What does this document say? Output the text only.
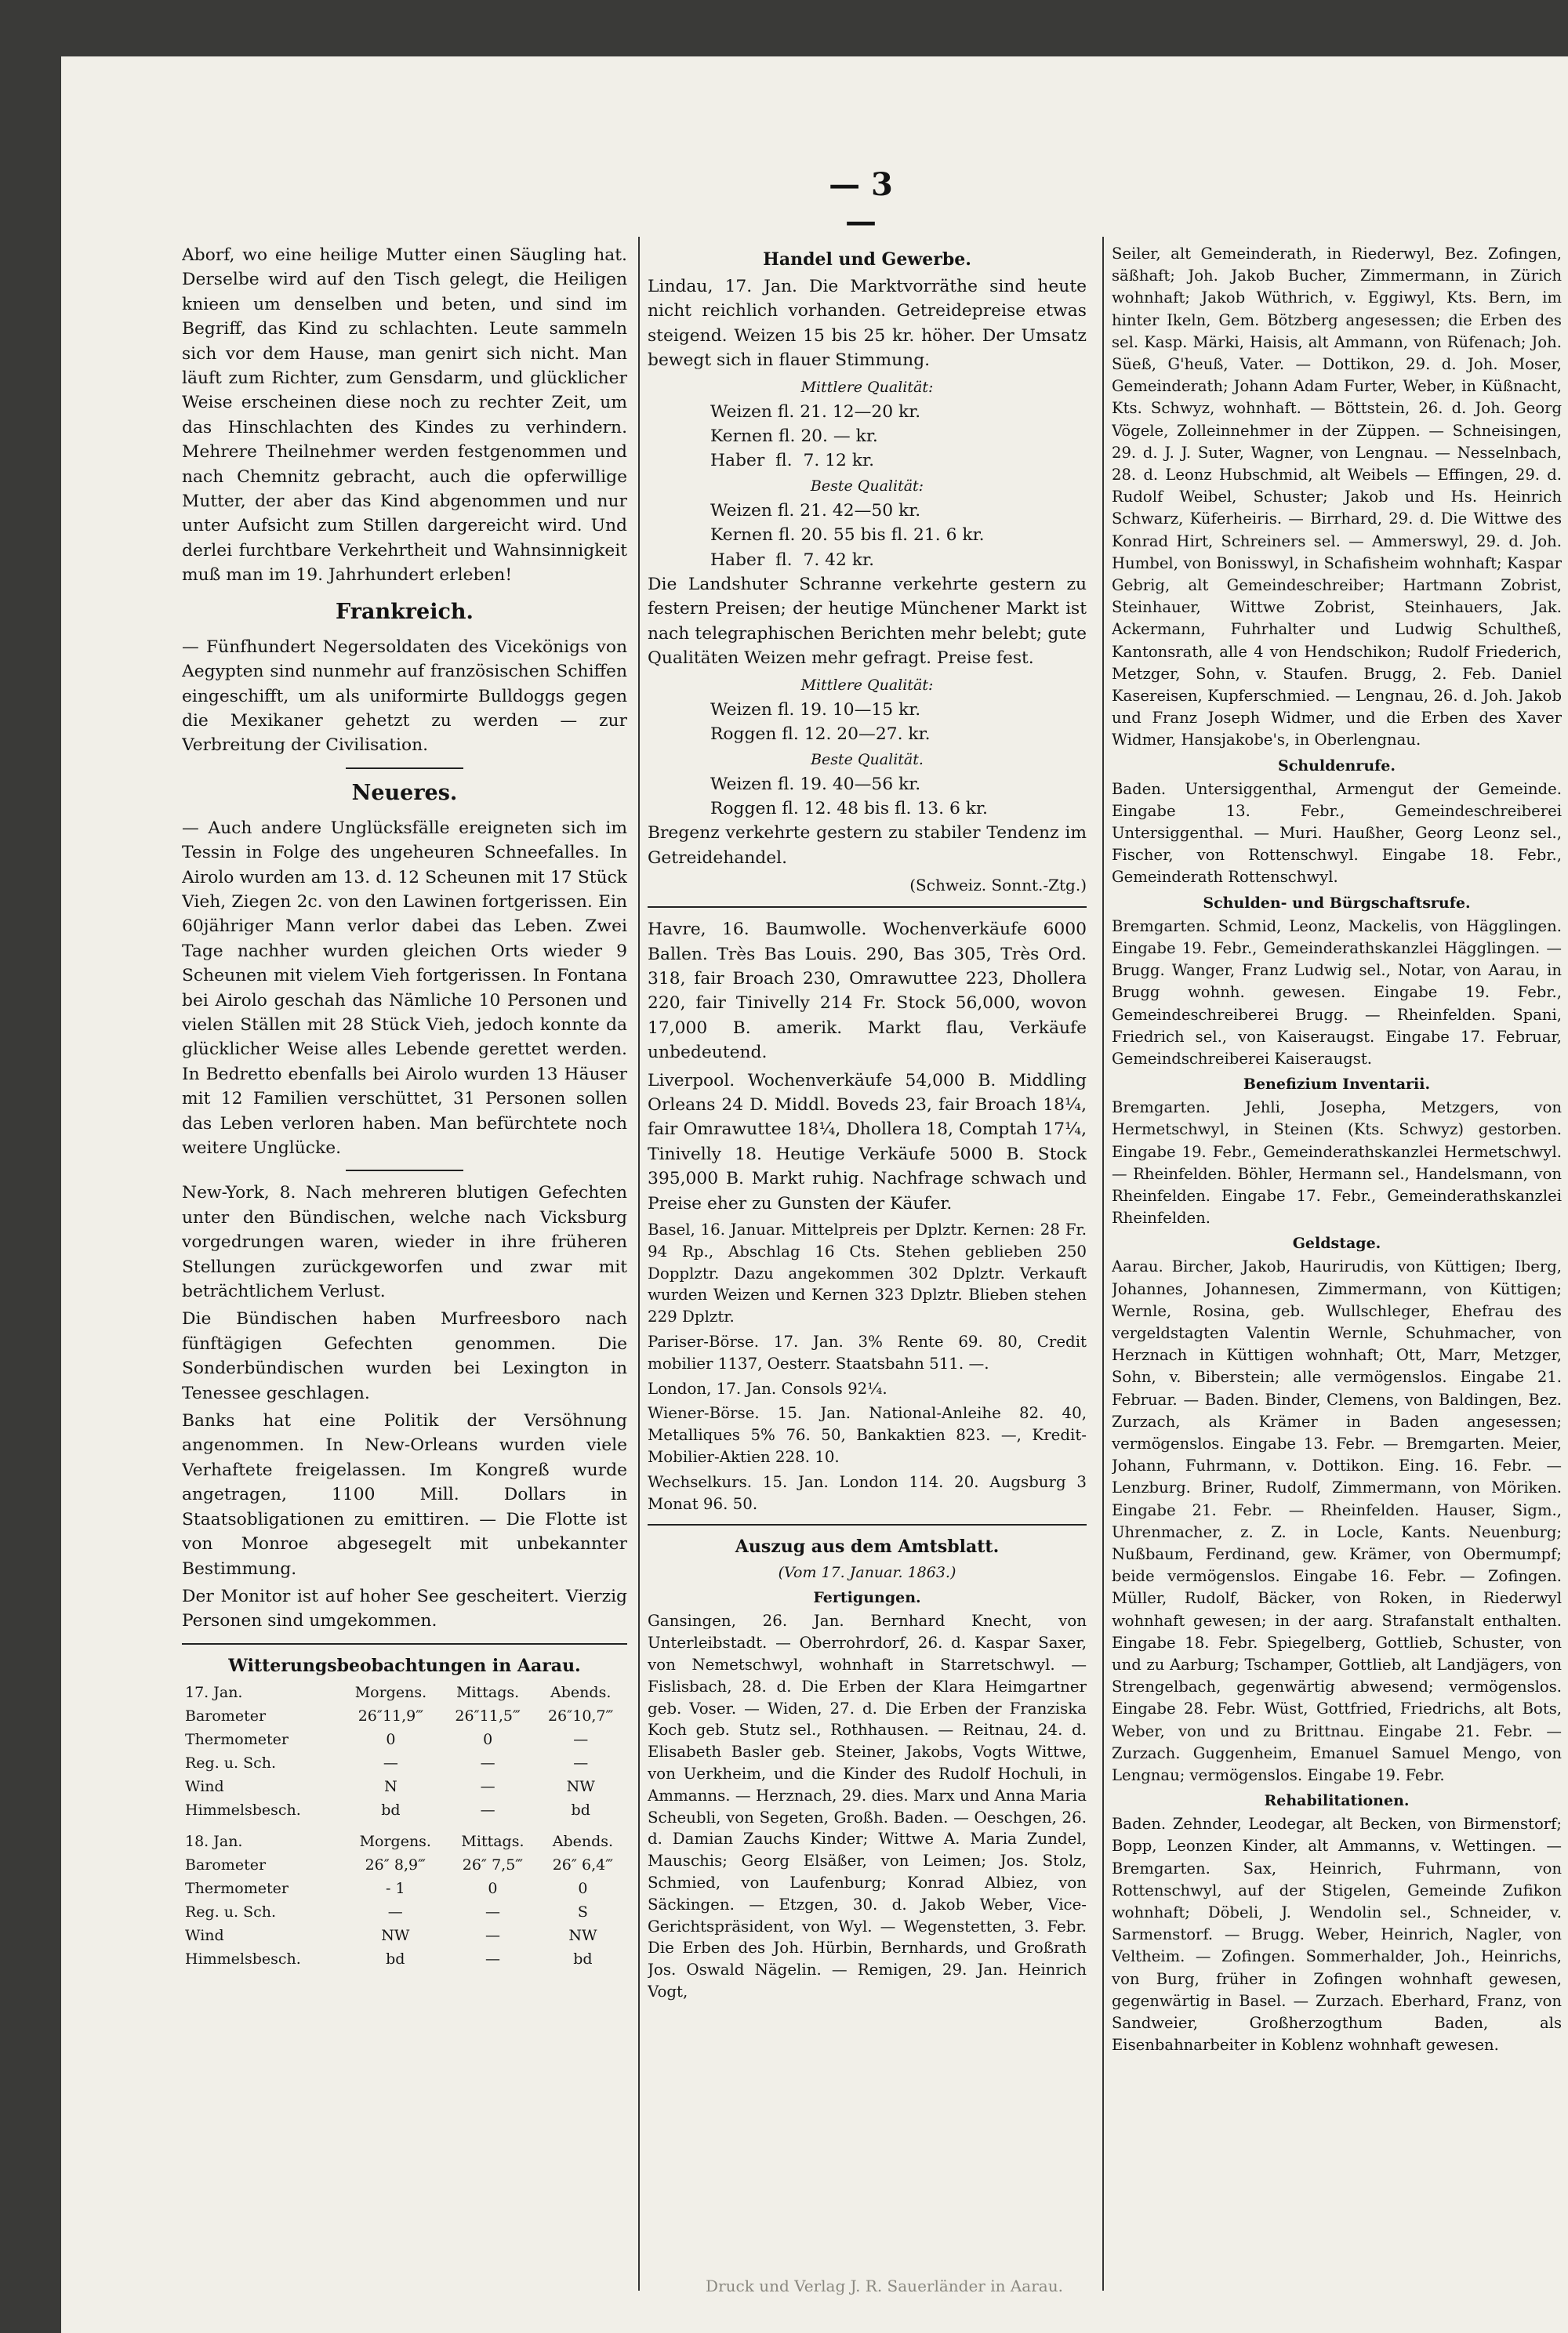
— 3 —

Aborf, wo eine heilige Mutter einen Säugling hat. Derselbe wird auf den Tisch gelegt, die Heiligen knieen um denselben und beten, und sind im Begriff, das Kind zu schlachten. Leute sammeln sich vor dem Hause, man genirt sich nicht. Man läuft zum Richter, zum Gensdarm, und glücklicher Weise erscheinen diese noch zu rechter Zeit, um das Hinschlachten des Kindes zu verhindern. Mehrere Theilnehmer werden festgenommen und nach Chemnitz gebracht, auch die opferwillige Mutter, der aber das Kind abgenommen und nur unter Aufsicht zum Stillen dargereicht wird. Und derlei furchtbare Verkehrtheit und Wahnsinnigkeit muß man im 19. Jahrhundert erleben!

Frankreich.

— Fünfhundert Negersoldaten des Vicekönigs von Aegypten sind nunmehr auf französischen Schiffen eingeschifft, um als uniformirte Bulldoggs gegen die Mexikaner gehetzt zu werden — zur Verbreitung der Civilisation.

Neueres.

— Auch andere Unglücksfälle ereigneten sich im Tessin in Folge des ungeheuren Schneefalles. In Airolo wurden am 13. d. 12 Scheunen mit 17 Stück Vieh, Ziegen 2c. von den Lawinen fortgerissen. Ein 60jähriger Mann verlor dabei das Leben. Zwei Tage nachher wurden gleichen Orts wieder 9 Scheunen mit vielem Vieh fortgerissen. In Fontana bei Airolo geschah das Nämliche 10 Personen und vielen Ställen mit 28 Stück Vieh, jedoch konnte da glücklicher Weise alles Lebende gerettet werden. In Bedretto ebenfalls bei Airolo wurden 13 Häuser mit 12 Familien verschüttet, 31 Personen sollen das Leben verloren haben. Man befürchtete noch weitere Unglücke.

New-York, 8. Nach mehreren blutigen Gefechten unter den Bündischen, welche nach Vicksburg vorgedrungen waren, wieder in ihre früheren Stellungen zurückgeworfen und zwar mit beträchtlichem Verlust.

Die Bündischen haben Murfreesboro nach fünftägigen Gefechten genommen. Die Sonderbündischen wurden bei Lexington in Tenessee geschlagen.

Banks hat eine Politik der Versöhnung angenommen. In New-Orleans wurden viele Verhaftete freigelassen. Im Kongreß wurde angetragen, 1100 Mill. Dollars in Staatsobligationen zu emittiren. — Die Flotte ist von Monroe abgesegelt mit unbekannter Bestimmung.

Der Monitor ist auf hoher See gescheitert. Vierzig Personen sind umgekommen.

Witterungsbeobachtungen in Aarau.
17. Jan.	Morgens.	Mittags.	Abends.
Barometer	26″11,9‴	26″11,5‴	26″10,7‴
Thermometer	0	0	—
Reg. u. Sch.	—	—	—
Wind	N	—	NW
Himmelsbesch.	bd	—	bd
18. Jan.	Morgens.	Mittags.	Abends.
Barometer	26″ 8,9‴	26″ 7,5‴	26″ 6,4‴
Thermometer	- 1	0	0
Reg. u. Sch.	—	—	S
Wind	NW	—	NW
Himmelsbesch.	bd	—	bd
Handel und Gewerbe.

Lindau, 17. Jan. Die Marktvorräthe sind heute nicht reichlich vorhanden. Getreidepreise etwas steigend. Weizen 15 bis 25 kr. höher. Der Umsatz bewegt sich in flauer Stimmung.

Mittlere Qualität:
Weizen fl. 21. 12—20 kr.
Kernen fl. 20. — kr.
Haber  fl.  7. 12 kr.
Beste Qualität:
Weizen fl. 21. 42—50 kr.
Kernen fl. 20. 55 bis fl. 21. 6 kr.
Haber  fl.  7. 42 kr.

Die Landshuter Schranne verkehrte gestern zu festern Preisen; der heutige Münchener Markt ist nach telegraphischen Berichten mehr belebt; gute Qualitäten Weizen mehr gefragt. Preise fest.

Mittlere Qualität:
Weizen fl. 19. 10—15 kr.
Roggen fl. 12. 20—27. kr.
Beste Qualität.
Weizen fl. 19. 40—56 kr.
Roggen fl. 12. 48 bis fl. 13. 6 kr.

Bregenz verkehrte gestern zu stabiler Tendenz im Getreidehandel.

(Schweiz. Sonnt.-Ztg.)

Havre, 16. Baumwolle. Wochenverkäufe 6000 Ballen. Très Bas Louis. 290, Bas 305, Très Ord. 318, fair Broach 230, Omrawuttee 223, Dhollera 220, fair Tinivelly 214 Fr. Stock 56,000, wovon 17,000 B. amerik. Markt flau, Verkäufe unbedeutend.

Liverpool. Wochenverkäufe 54,000 B. Middling Orleans 24 D. Middl. Boveds 23, fair Broach 18¼, fair Omrawuttee 18¼, Dhollera 18, Comptah 17¼, Tinivelly 18. Heutige Verkäufe 5000 B. Stock 395,000 B. Markt ruhig. Nachfrage schwach und Preise eher zu Gunsten der Käufer.

Basel, 16. Januar. Mittelpreis per Dplztr. Kernen: 28 Fr. 94 Rp., Abschlag 16 Cts. Stehen geblieben 250 Dopplztr. Dazu angekommen 302 Dplztr. Verkauft wurden Weizen und Kernen 323 Dplztr. Blieben stehen 229 Dplztr.
Pariser-Börse. 17. Jan. 3% Rente 69. 80, Credit mobilier 1137, Oesterr. Staatsbahn 511. —.
London, 17. Jan. Consols 92¼.
Wiener-Börse. 15. Jan. National-Anleihe 82. 40, Metalliques 5% 76. 50, Bankaktien 823. —, Kredit-Mobilier-Aktien 228. 10.
Wechselkurs. 15. Jan. London 114. 20. Augsburg 3 Monat 96. 50.
Auszug aus dem Amtsblatt.
(Vom 17. Januar. 1863.)
Fertigungen.
Gansingen, 26. Jan. Bernhard Knecht, von Unterleibstadt. — Oberrohrdorf, 26. d. Kaspar Saxer, von Nemetschwyl, wohnhaft in Starretschwyl. — Fislisbach, 28. d. Die Erben der Klara Heimgartner geb. Voser. — Widen, 27. d. Die Erben der Franziska Koch geb. Stutz sel., Rothhausen. — Reitnau, 24. d. Elisabeth Basler geb. Steiner, Jakobs, Vogts Wittwe, von Uerkheim, und die Kinder des Rudolf Hochuli, in Ammanns. — Herznach, 29. dies. Marx und Anna Maria Scheubli, von Segeten, Großh. Baden. — Oeschgen, 26. d. Damian Zauchs Kinder; Wittwe A. Maria Zundel, Mauschis; Georg Elsäßer, von Leimen; Jos. Stolz, Schmied, von Laufenburg; Konrad Albiez, von Säckingen. — Etzgen, 30. d. Jakob Weber, Vice-Gerichtspräsident, von Wyl. — Wegenstetten, 3. Febr. Die Erben des Joh. Hürbin, Bernhards, und Großrath Jos. Oswald Nägelin. — Remigen, 29. Jan. Heinrich Vogt,

Seiler, alt Gemeinderath, in Riederwyl, Bez. Zofingen, säßhaft; Joh. Jakob Bucher, Zimmermann, in Zürich wohnhaft; Jakob Wüthrich, v. Eggiwyl, Kts. Bern, im hinter Ikeln, Gem. Bötzberg angesessen; die Erben des sel. Kasp. Märki, Haisis, alt Ammann, von Rüfenach; Joh. Süeß, G'heuß, Vater. — Dottikon, 29. d. Joh. Moser, Gemeinderath; Johann Adam Furter, Weber, in Küßnacht, Kts. Schwyz, wohnhaft. — Böttstein, 26. d. Joh. Georg Vögele, Zolleinnehmer in der Züppen. — Schneisingen, 29. d. J. J. Suter, Wagner, von Lengnau. — Nesselnbach, 28. d. Leonz Hubschmid, alt Weibels — Effingen, 29. d. Rudolf Weibel, Schuster; Jakob und Hs. Heinrich Schwarz, Küferheiris. — Birrhard, 29. d. Die Wittwe des Konrad Hirt, Schreiners sel. — Ammerswyl, 29. d. Joh. Humbel, von Bonisswyl, in Schafisheim wohnhaft; Kaspar Gebrig, alt Gemeindeschreiber; Hartmann Zobrist, Steinhauer, Wittwe Zobrist, Steinhauers, Jak. Ackermann, Fuhrhalter und Ludwig Schultheß, Kantonsrath, alle 4 von Hendschikon; Rudolf Friederich, Metzger, Sohn, v. Staufen. Brugg, 2. Feb. Daniel Kasereisen, Kupferschmied. — Lengnau, 26. d. Joh. Jakob und Franz Joseph Widmer, und die Erben des Xaver Widmer, Hansjakobe's, in Oberlengnau.

Schuldenrufe.

Baden. Untersiggenthal, Armengut der Gemeinde. Eingabe 13. Febr., Gemeindeschreiberei Untersiggenthal. — Muri. Haußher, Georg Leonz sel., Fischer, von Rottenschwyl. Eingabe 18. Febr., Gemeinderath Rottenschwyl.

Schulden- und Bürgschaftsrufe.

Bremgarten. Schmid, Leonz, Mackelis, von Hägglingen. Eingabe 19. Febr., Gemeinderathskanzlei Hägglingen. — Brugg. Wanger, Franz Ludwig sel., Notar, von Aarau, in Brugg wohnh. gewesen. Eingabe 19. Febr., Gemeindeschreiberei Brugg. — Rheinfelden. Spani, Friedrich sel., von Kaiseraugst. Eingabe 17. Februar, Gemeindschreiberei Kaiseraugst.

Benefizium Inventarii.

Bremgarten. Jehli, Josepha, Metzgers, von Hermetschwyl, in Steinen (Kts. Schwyz) gestorben. Eingabe 19. Febr., Gemeinderathskanzlei Hermetschwyl. — Rheinfelden. Böhler, Hermann sel., Handelsmann, von Rheinfelden. Eingabe 17. Febr., Gemeinderathskanzlei Rheinfelden.

Geldstage.

Aarau. Bircher, Jakob, Haurirudis, von Küttigen; Iberg, Johannes, Johannesen, Zimmermann, von Küttigen; Wernle, Rosina, geb. Wullschleger, Ehefrau des vergeldstagten Valentin Wernle, Schuhmacher, von Herznach in Küttigen wohnhaft; Ott, Marr, Metzger, Sohn, v. Biberstein; alle vermögenslos. Eingabe 21. Februar. — Baden. Binder, Clemens, von Baldingen, Bez. Zurzach, als Krämer in Baden angesessen; vermögenslos. Eingabe 13. Febr. — Bremgarten. Meier, Johann, Fuhrmann, v. Dottikon. Eing. 16. Febr. — Lenzburg. Briner, Rudolf, Zimmermann, von Möriken. Eingabe 21. Febr. — Rheinfelden. Hauser, Sigm., Uhrenmacher, z. Z. in Locle, Kants. Neuenburg; Nußbaum, Ferdinand, gew. Krämer, von Obermumpf; beide vermögenslos. Eingabe 16. Febr. — Zofingen. Müller, Rudolf, Bäcker, von Roken, in Riederwyl wohnhaft gewesen; in der aarg. Strafanstalt enthalten. Eingabe 18. Febr. Spiegelberg, Gottlieb, Schuster, von und zu Aarburg; Tschamper, Gottlieb, alt Landjägers, von Strengelbach, gegenwärtig abwesend; vermögenslos. Eingabe 28. Febr. Wüst, Gottfried, Friedrichs, alt Bots, Weber, von und zu Brittnau. Eingabe 21. Febr. — Zurzach. Guggenheim, Emanuel Samuel Mengo, von Lengnau; vermögenslos. Eingabe 19. Febr.

Rehabilitationen.

Baden. Zehnder, Leodegar, alt Becken, von Birmenstorf; Bopp, Leonzen Kinder, alt Ammanns, v. Wettingen. — Bremgarten. Sax, Heinrich, Fuhrmann, von Rottenschwyl, auf der Stigelen, Gemeinde Zufikon wohnhaft; Döbeli, J. Wendolin sel., Schneider, v. Sarmenstorf. — Brugg. Weber, Heinrich, Nagler, von Veltheim. — Zofingen. Sommerhalder, Joh., Heinrichs, von Burg, früher in Zofingen wohnhaft gewesen, gegenwärtig in Basel. — Zurzach. Eberhard, Franz, von Sandweier, Großherzogthum Baden, als Eisenbahnarbeiter in Koblenz wohnhaft gewesen.

Druck und Verlag J. R. Sauerländer in Aarau.
